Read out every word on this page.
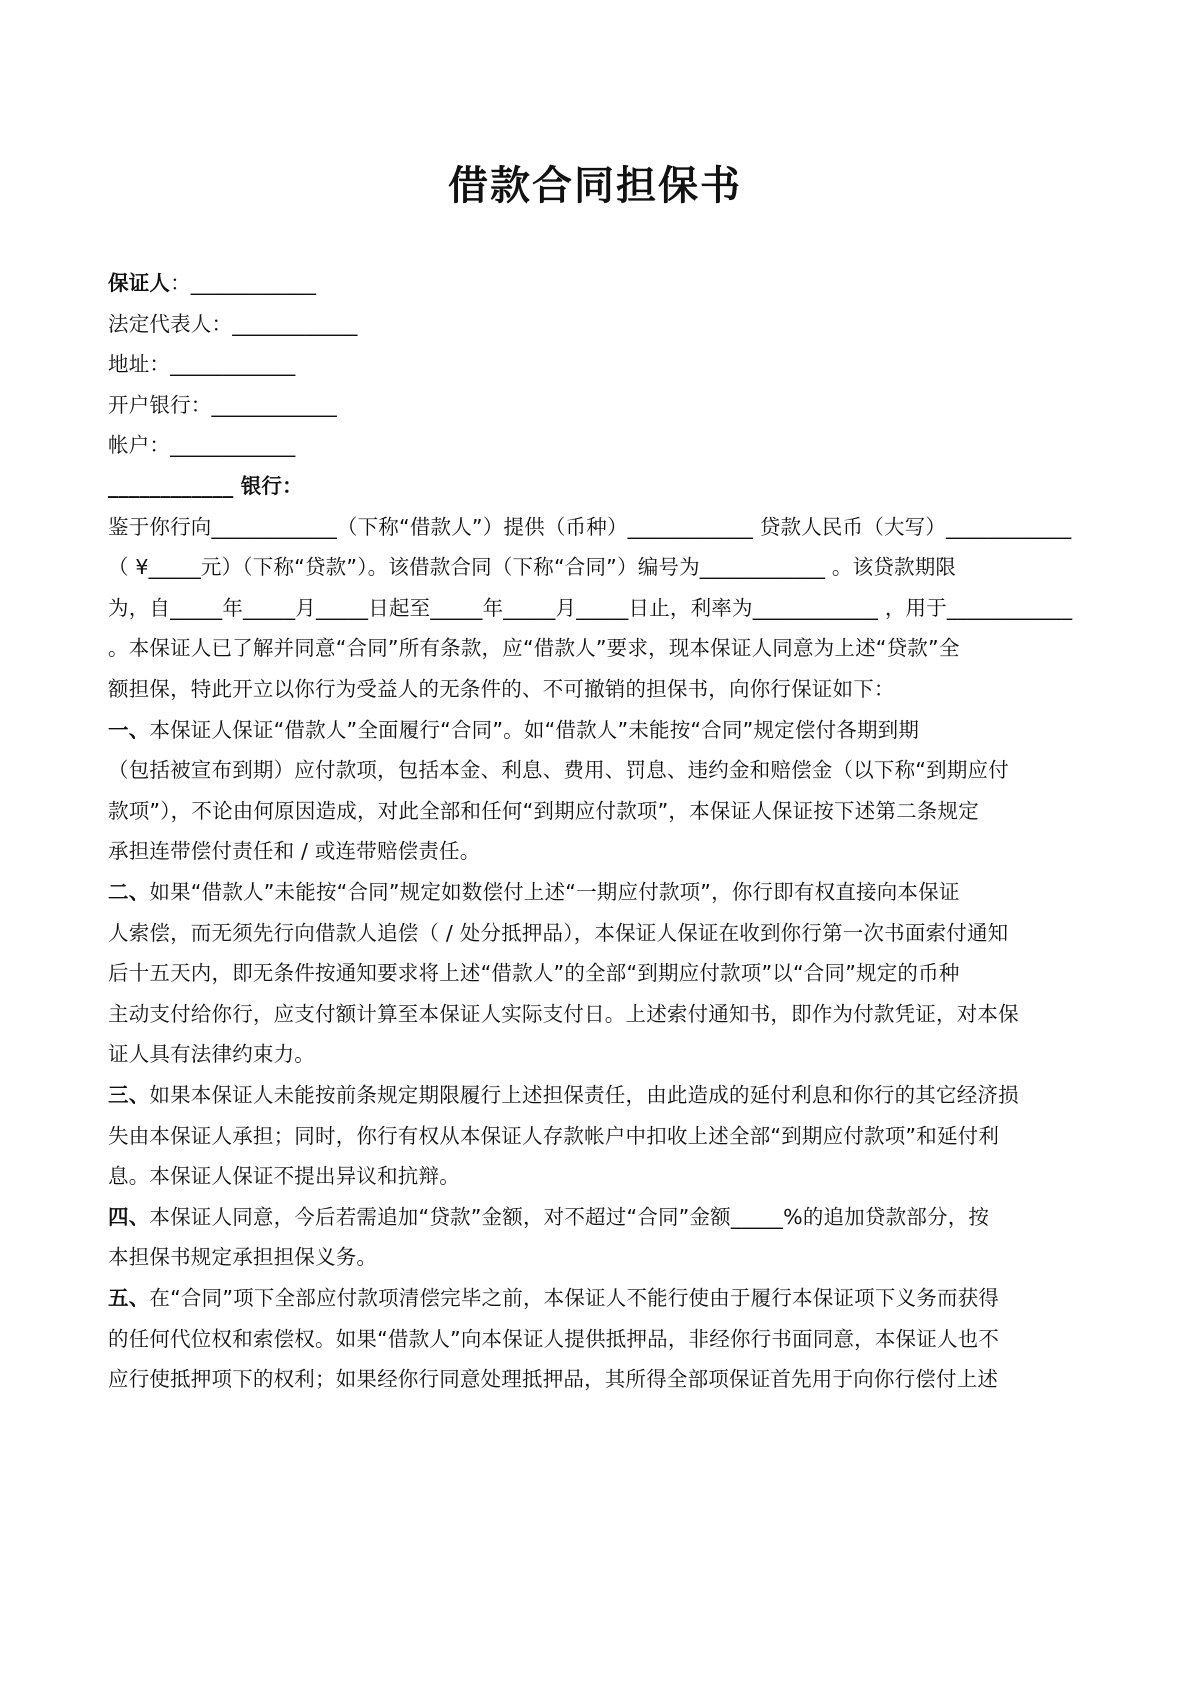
借款合同担保书
保证人：____________
法定代表人：____________
地址：____________
开户银行：____________
帐户：____________
____________ 银行：
鉴于你行向____________（下称“借款人”）提供（币种）____________ 贷款人民币（大写）____________
（ ¥_____元）（下称“贷款”）。该借款合同（下称“合同”）编号为____________ 。该贷款期限
为，自_____年_____月_____日起至_____年_____月_____日止，利率为____________ ，用于____________
。本保证人已了解并同意“合同”所有条款，应“借款人”要求，现本保证人同意为上述“贷款”全
额担保，特此开立以你行为受益人的无条件的、不可撤销的担保书，向你行保证如下：
一、本保证人保证“借款人”全面履行“合同”。如“借款人”未能按“合同”规定偿付各期到期
（包括被宣布到期）应付款项，包括本金、利息、费用、罚息、违约金和赔偿金（以下称“到期应付
款项”），不论由何原因造成，对此全部和任何“到期应付款项”，本保证人保证按下述第二条规定
承担连带偿付责任和 / 或连带赔偿责任。
二、如果“借款人”未能按“合同”规定如数偿付上述“一期应付款项”，你行即有权直接向本保证
人索偿，而无须先行向借款人追偿（ / 处分抵押品），本保证人保证在收到你行第一次书面索付通知
后十五天内，即无条件按通知要求将上述“借款人”的全部“到期应付款项”以“合同”规定的币种
主动支付给你行，应支付额计算至本保证人实际支付日。上述索付通知书，即作为付款凭证，对本保
证人具有法律约束力。
三、如果本保证人未能按前条规定期限履行上述担保责任，由此造成的延付利息和你行的其它经济损
失由本保证人承担；同时，你行有权从本保证人存款帐户中扣收上述全部“到期应付款项”和延付利
息。本保证人保证不提出异议和抗辩。
四、本保证人同意，今后若需追加“贷款”金额，对不超过“合同”金额_____%的追加贷款部分，按
本担保书规定承担担保义务。
五、在“合同”项下全部应付款项清偿完毕之前，本保证人不能行使由于履行本保证项下义务而获得
的任何代位权和索偿权。如果“借款人”向本保证人提供抵押品，非经你行书面同意，本保证人也不
应行使抵押项下的权利；如果经你行同意处理抵押品，其所得全部项保证首先用于向你行偿付上述
